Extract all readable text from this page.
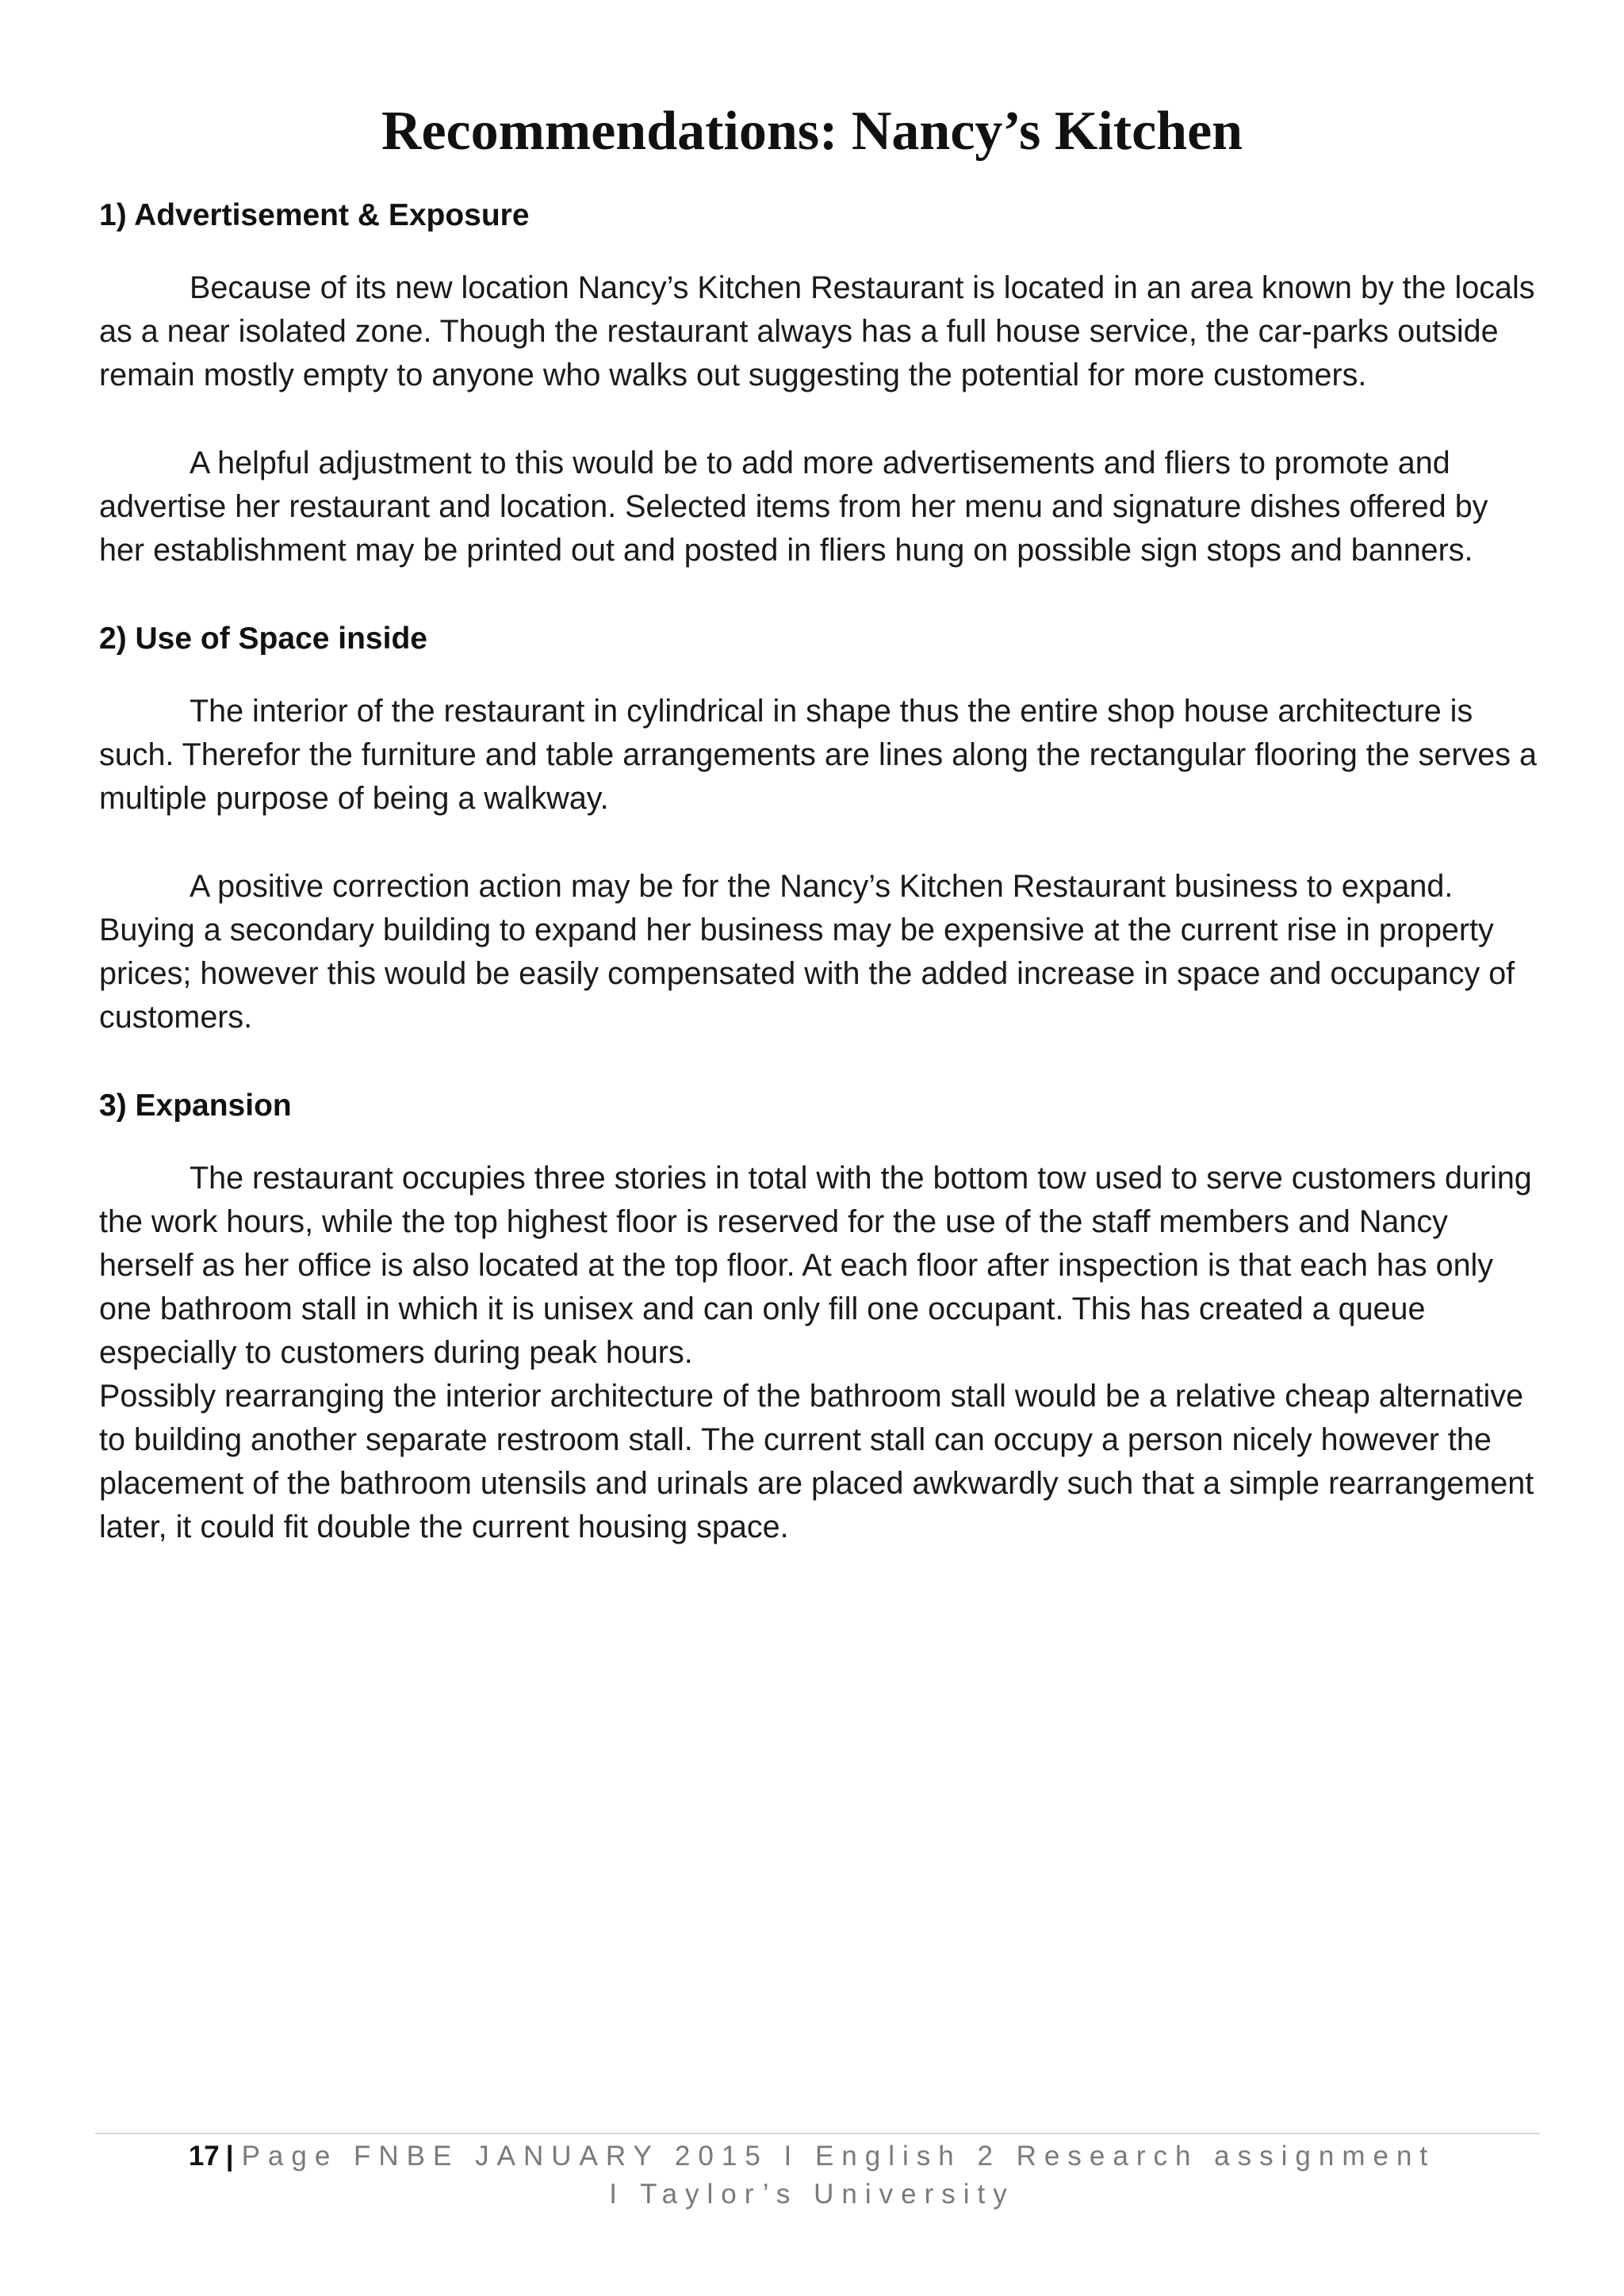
Recommendations: Nancy’s Kitchen
1) Advertisement & Exposure

Because of its new location Nancy’s Kitchen Restaurant is located in an area known by the locals as a near isolated zone. Though the restaurant always has a full house service, the car-parks outside remain mostly empty to anyone who walks out suggesting the potential for more customers.

A helpful adjustment to this would be to add more advertisements and fliers to promote and advertise her restaurant and location. Selected items from her menu and signature dishes offered by her establishment may be printed out and posted in fliers hung on possible sign stops and banners.

2) Use of Space inside

The interior of the restaurant in cylindrical in shape thus the entire shop house architecture is such. Therefor the furniture and table arrangements are lines along the rectangular flooring the serves a multiple purpose of being a walkway.

A positive correction action may be for the Nancy’s Kitchen Restaurant business to expand. Buying a secondary building to expand her business may be expensive at the current rise in property prices; however this would be easily compensated with the added increase in space and occupancy of customers.

3) Expansion

The restaurant occupies three stories in total with the bottom tow used to serve customers during the work hours, while the top highest floor is reserved for the use of the staff members and Nancy herself as her office is also located at the top floor. At each floor after inspection is that each has only one bathroom stall in which it is unisex and can only fill one occupant. This has created a queue especially to customers during peak hours.

Possibly rearranging the interior architecture of the bathroom stall would be a relative cheap alternative to building another separate restroom stall. The current stall can occupy a person nicely however the placement of the bathroom utensils and urinals are placed awkwardly such that a simple rearrangement later, it could fit double the current housing space.

17 | Page FNBE JANUARY 2015 I English 2 Research assignment
I Taylor’s University
